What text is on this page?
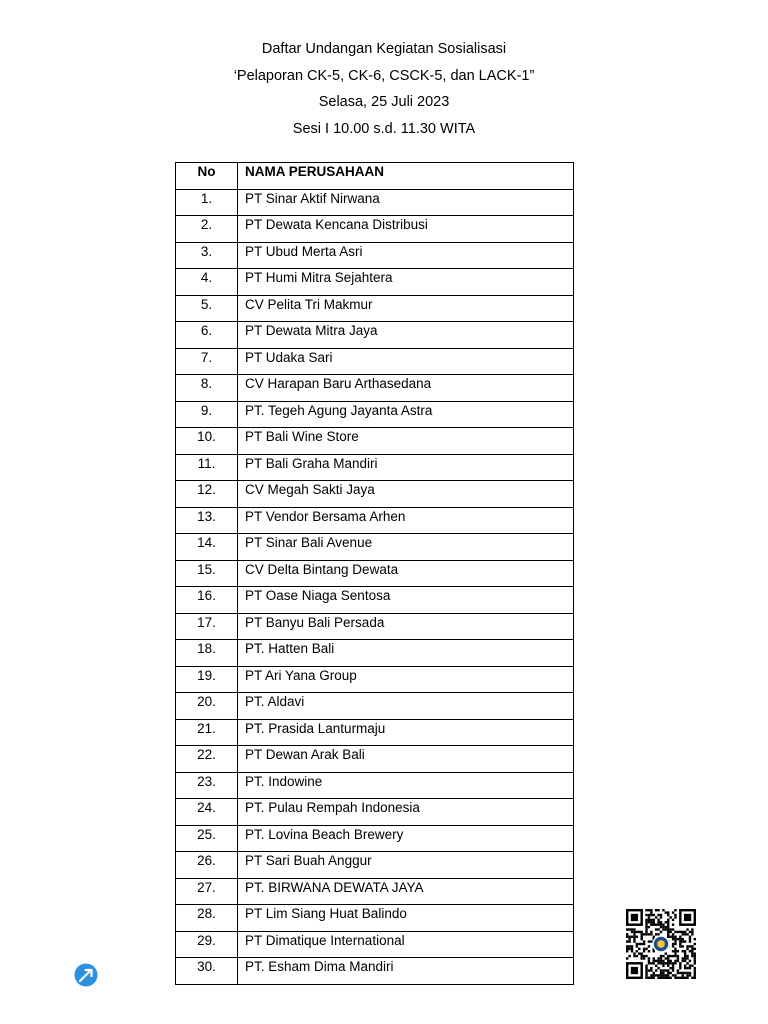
Daftar Undangan Kegiatan Sosialisasi
‘Pelaporan CK-5, CK-6, CSCK-5, dan LACK-1”
Selasa, 25 Juli 2023
Sesi I 10.00 s.d. 11.30 WITA
No	NAMA PERUSAHAAN
1.	PT Sinar Aktif Nirwana
2.	PT Dewata Kencana Distribusi
3.	PT Ubud Merta Asri
4.	PT Humi Mitra Sejahtera
5.	CV Pelita Tri Makmur
6.	PT Dewata Mitra Jaya
7.	PT Udaka Sari
8.	CV Harapan Baru Arthasedana
9.	PT. Tegeh Agung Jayanta Astra
10.	PT Bali Wine Store
11.	PT Bali Graha Mandiri
12.	CV Megah Sakti Jaya
13.	PT Vendor Bersama Arhen
14.	PT Sinar Bali Avenue
15.	CV Delta Bintang Dewata
16.	PT Oase Niaga Sentosa
17.	PT Banyu Bali Persada
18.	PT. Hatten Bali
19.	PT Ari Yana Group
20.	PT. Aldavi
21.	PT. Prasida Lanturmaju
22.	PT Dewan Arak Bali
23.	PT. Indowine
24.	PT. Pulau Rempah Indonesia
25.	PT. Lovina Beach Brewery
26.	PT Sari Buah Anggur
27.	PT. BIRWANA DEWATA JAYA
28.	PT Lim Siang Huat Balindo
29.	PT Dimatique International
30.	PT. Esham Dima Mandiri
